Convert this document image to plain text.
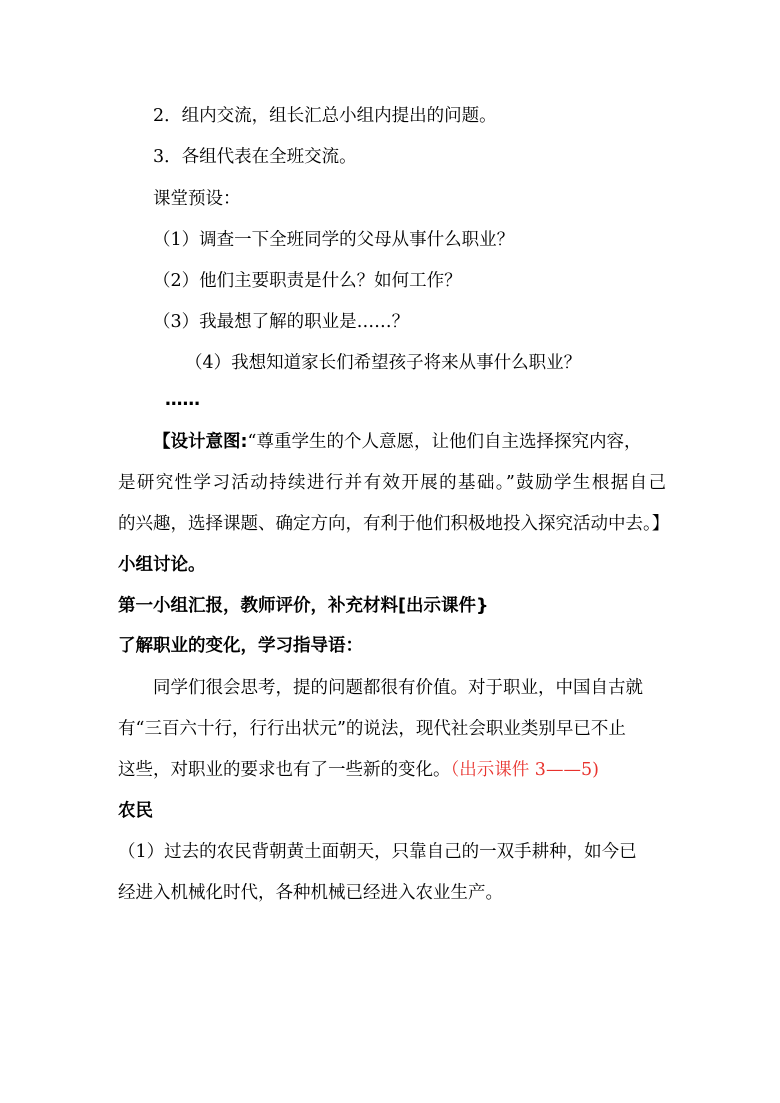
2．组内交流，组长汇总小组内提出的问题。
3．各组代表在全班交流。
课堂预设：
（1）调查一下全班同学的父母从事什么职业？
（2）他们主要职责是什么？如何工作？
（3）我最想了解的职业是……？
（4）我想知道家长们希望孩子将来从事什么职业？
……
【设计意图:“尊重学生的个人意愿，让他们自主选择探究内容，
是研究性学习活动持续进行并有效开展的基础。”鼓励学生根据自己
的兴趣，选择课题、确定方向，有利于他们积极地投入探究活动中去。】
小组讨论。
第一小组汇报，教师评价，补充材料[出示课件}
了解职业的变化，学习指导语：
同学们很会思考，提的问题都很有价值。对于职业，中国自古就
有“三百六十行，行行出状元”的说法，现代社会职业类别早已不止
这些，对职业的要求也有了一些新的变化。（出示课件 3——5)
农民
（1）过去的农民背朝黄土面朝天，只靠自己的一双手耕种，如今已
经进入机械化时代，各种机械已经进入农业生产。
